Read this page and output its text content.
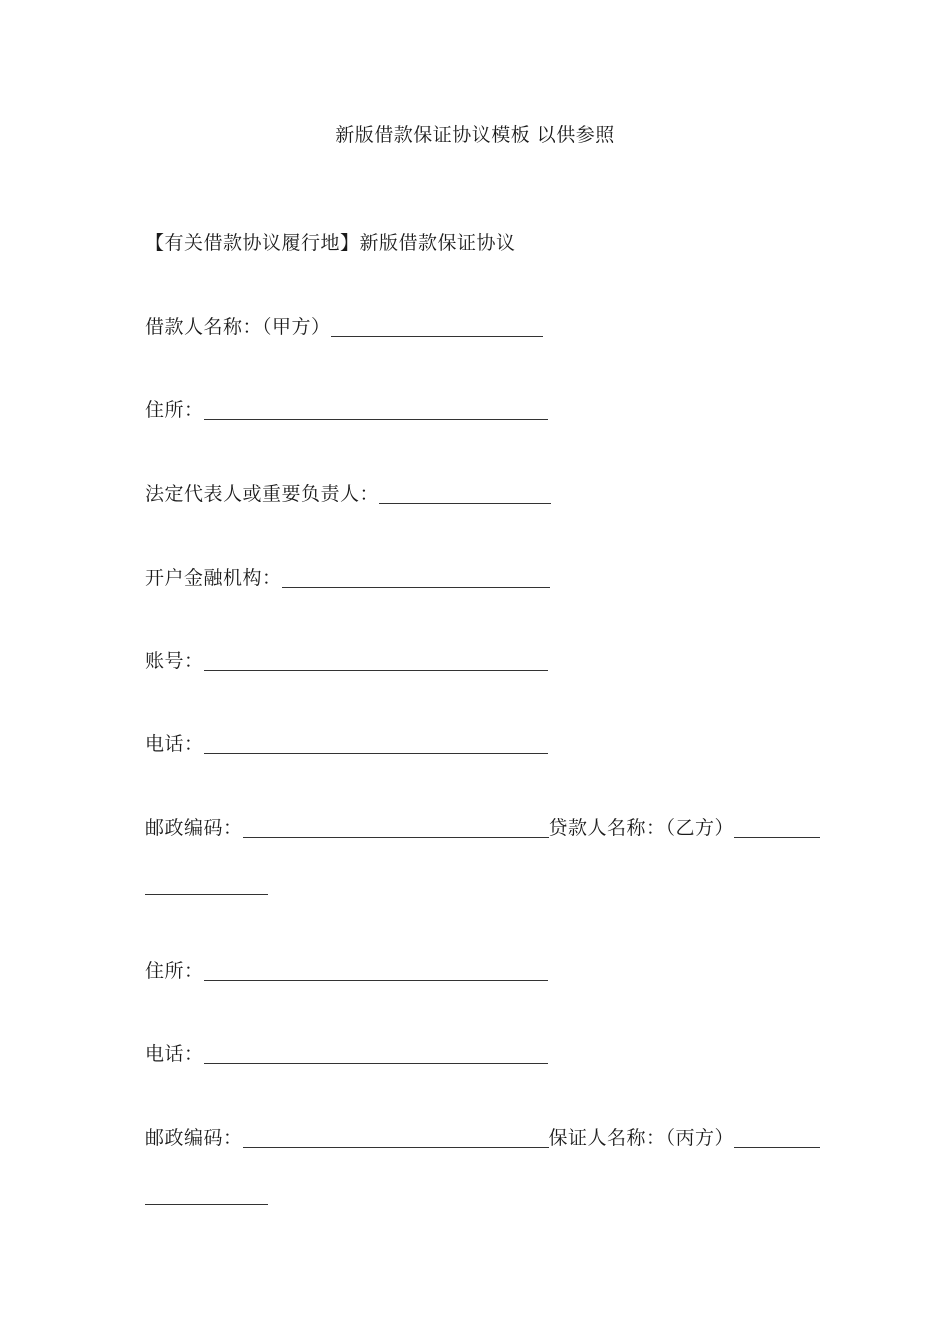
新版借款保证协议模板 以供参照
【有关借款协议履行地】新版借款保证协议
借款人名称：（甲方）
住所：
法定代表人或重要负责人：
开户金融机构：
账号：
电话：
邮政编码：	贷款人名称：（乙方）
住所：
电话：
邮政编码：	保证人名称：（丙方）
